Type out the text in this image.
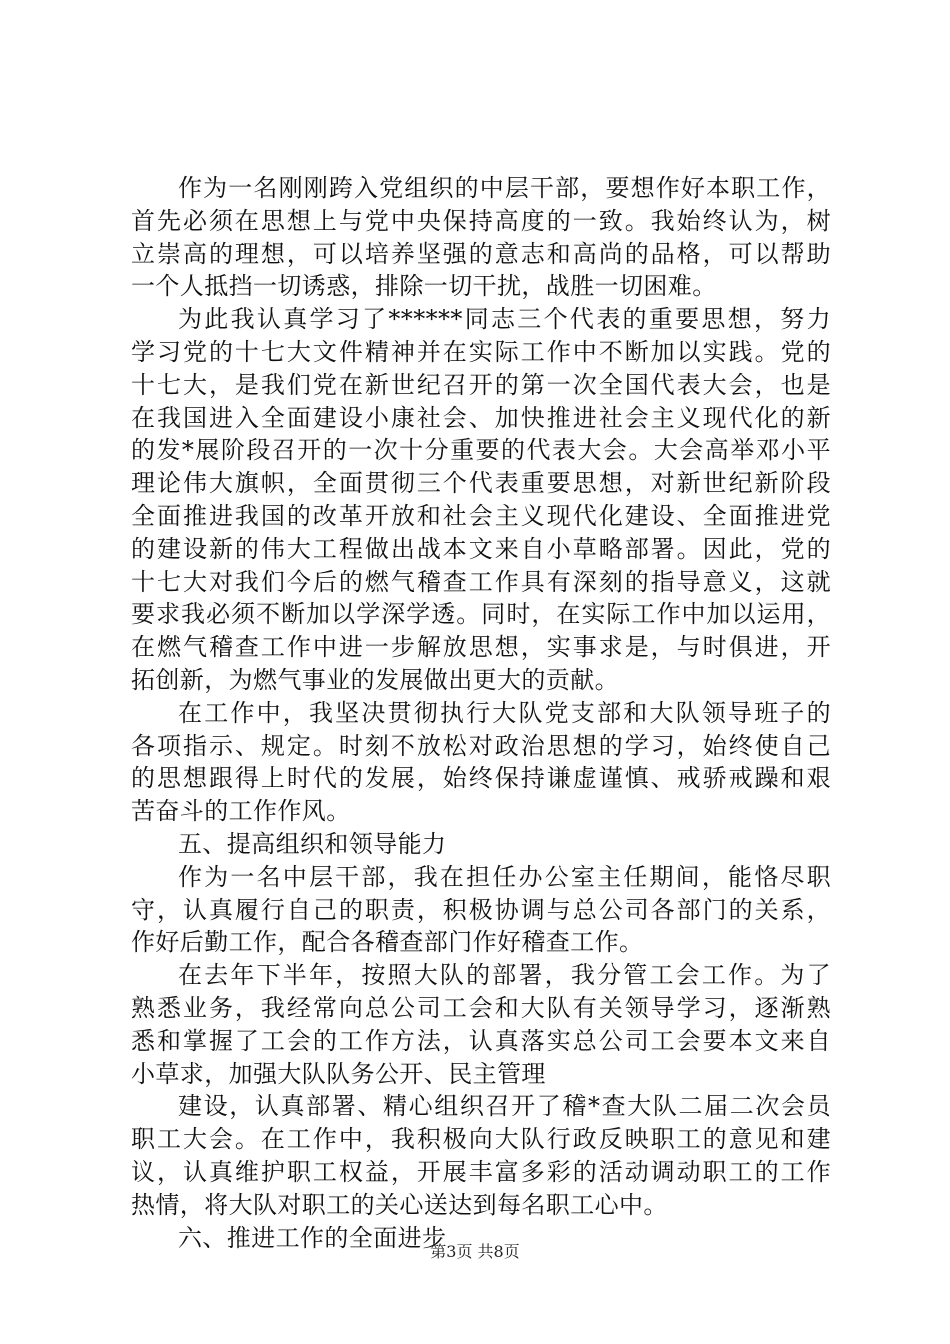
作为一名刚刚跨入党组织的中层干部，要想作好本职工作，
首先必须在思想上与党中央保持高度的一致。我始终认为，树
立崇高的理想，可以培养坚强的意志和高尚的品格，可以帮助
一个人抵挡一切诱惑，排除一切干扰，战胜一切困难。
为此我认真学习了******同志三个代表的重要思想，努力
学习党的十七大文件精神并在实际工作中不断加以实践。党的
十七大，是我们党在新世纪召开的第一次全国代表大会，也是
在我国进入全面建设小康社会、加快推进社会主义现代化的新
的发*展阶段召开的一次十分重要的代表大会。大会高举邓小平
理论伟大旗帜，全面贯彻三个代表重要思想，对新世纪新阶段
全面推进我国的改革开放和社会主义现代化建设、全面推进党
的建设新的伟大工程做出战本文来自小草略部署。因此，党的
十七大对我们今后的燃气稽查工作具有深刻的指导意义，这就
要求我必须不断加以学深学透。同时，在实际工作中加以运用，
在燃气稽查工作中进一步解放思想，实事求是，与时俱进，开
拓创新，为燃气事业的发展做出更大的贡献。
在工作中，我坚决贯彻执行大队党支部和大队领导班子的
各项指示、规定。时刻不放松对政治思想的学习，始终使自己
的思想跟得上时代的发展，始终保持谦虚谨慎、戒骄戒躁和艰
苦奋斗的工作作风。
五、提高组织和领导能力
作为一名中层干部，我在担任办公室主任期间，能恪尽职
守，认真履行自己的职责，积极协调与总公司各部门的关系，
作好后勤工作，配合各稽查部门作好稽查工作。
在去年下半年，按照大队的部署，我分管工会工作。为了
熟悉业务，我经常向总公司工会和大队有关领导学习，逐渐熟
悉和掌握了工会的工作方法，认真落实总公司工会要本文来自
小草求，加强大队队务公开、民主管理
建设，认真部署、精心组织召开了稽*查大队二届二次会员
职工大会。在工作中，我积极向大队行政反映职工的意见和建
议，认真维护职工权益，开展丰富多彩的活动调动职工的工作
热情，将大队对职工的关心送达到每名职工心中。
六、推进工作的全面进步
第3页 共8页
